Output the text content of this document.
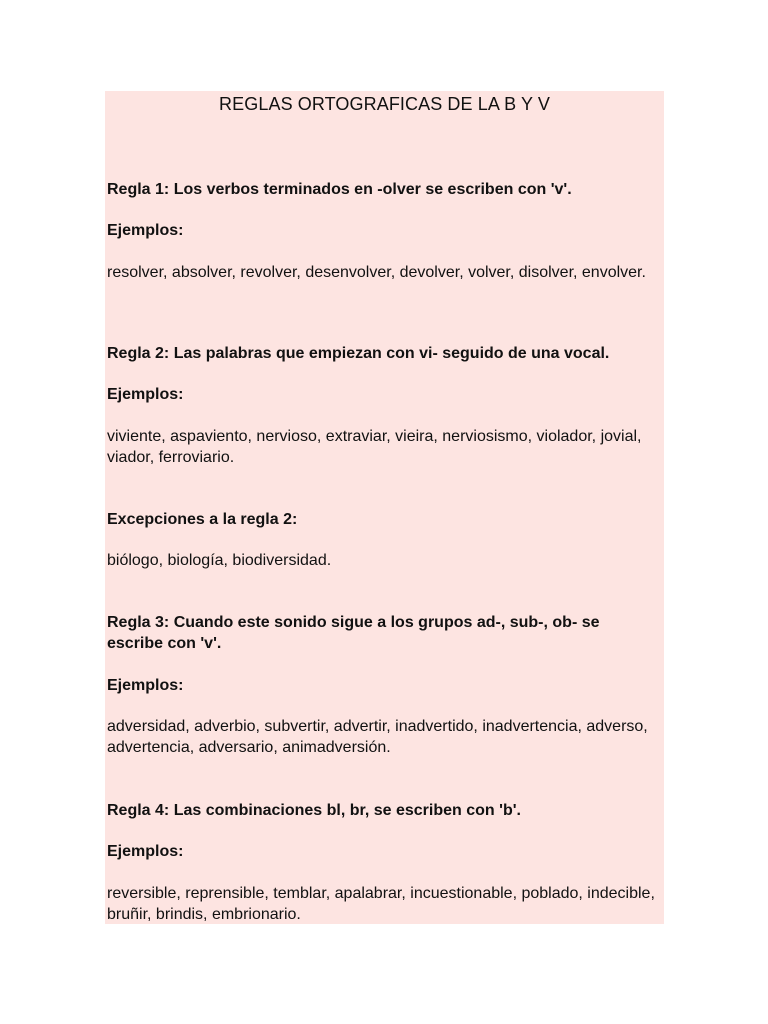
REGLAS ORTOGRAFICAS DE LA B Y V

Regla 1: Los verbos terminados en -olver se escriben con 'v'.

Ejemplos:

resolver, absolver, revolver, desenvolver, devolver, volver, disolver, envolver.

Regla 2: Las palabras que empiezan con vi- seguido de una vocal.

Ejemplos:

viviente, aspaviento, nervioso, extraviar, vieira, nerviosismo, violador, jovial, viador, ferroviario.

Excepciones a la regla 2:

biólogo, biología, biodiversidad.

Regla 3: Cuando este sonido sigue a los grupos ad-, sub-, ob- se escribe con 'v'.

Ejemplos:

adversidad, adverbio, subvertir, advertir, inadvertido, inadvertencia, adverso, advertencia, adversario, animadversión.

Regla 4: Las combinaciones bl, br, se escriben con 'b'.

Ejemplos:

reversible, reprensible, temblar, apalabrar, incuestionable, poblado, indecible, bruñir, brindis, embrionario.
